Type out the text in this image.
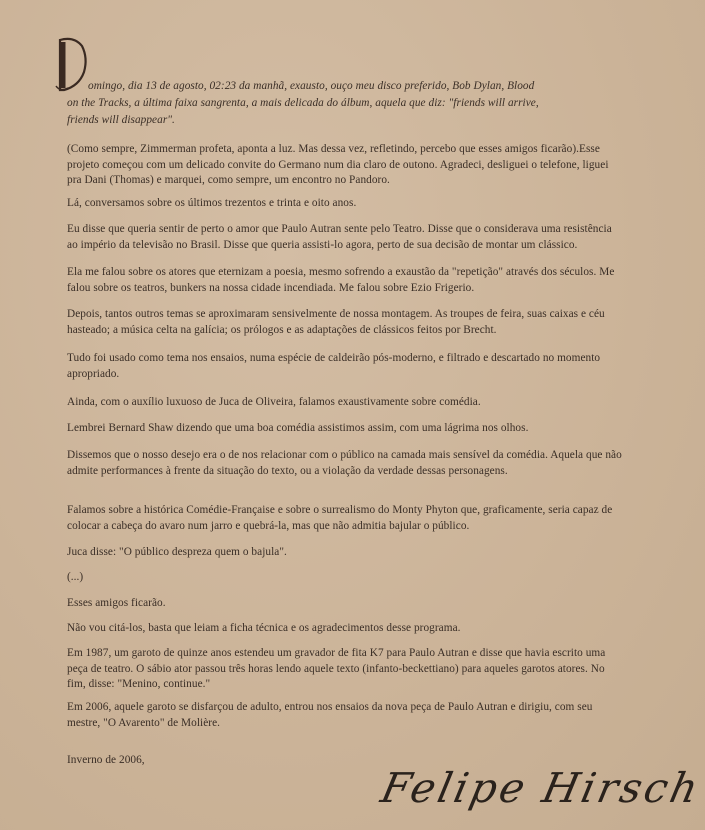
omingo, dia 13 de agosto, 02:23 da manhã, exausto, ouço meu disco preferido, Bob Dylan, Blood

on the Tracks, a última faixa sangrenta, a mais delicada do álbum, aquela que diz: "friends will arrive,

friends will disappear".

(Como sempre, Zimmerman profeta, aponta a luz. Mas dessa vez, refletindo, percebo que esses amigos ficarão).Esse projeto começou com um delicado convite do Germano num dia claro de outono. Agradeci, desliguei o telefone, liguei pra Dani (Thomas) e marquei, como sempre, um encontro no Pandoro.

Lá, conversamos sobre os últimos trezentos e trinta e oito anos.

Eu disse que queria sentir de perto o amor que Paulo Autran sente pelo Teatro. Disse que o considerava uma resistência ao império da televisão no Brasil. Disse que queria assisti-lo agora, perto de sua decisão de montar um clássico.

Ela me falou sobre os atores que eternizam a poesia, mesmo sofrendo a exaustão da "repetição" através dos séculos. Me falou sobre os teatros, bunkers na nossa cidade incendiada. Me falou sobre Ezio Frigerio.

Depois, tantos outros temas se aproximaram sensivelmente de nossa montagem. As troupes de feira, suas caixas e céu hasteado; a música celta na galícia; os prólogos e as adaptações de clássicos feitos por Brecht.

Tudo foi usado como tema nos ensaios, numa espécie de caldeirão pós-moderno, e filtrado e descartado no momento apropriado.

Ainda, com o auxílio luxuoso de Juca de Oliveira, falamos exaustivamente sobre comédia.

Lembrei Bernard Shaw dizendo que uma boa comédia assistimos assim, com uma lágrima nos olhos.

Dissemos que o nosso desejo era o de nos relacionar com o público na camada mais sensível da comédia. Aquela que não admite performances à frente da situação do texto, ou a violação da verdade dessas personagens.

Falamos sobre a histórica Comédie-Française e sobre o surrealismo do Monty Phyton que, graficamente, seria capaz de colocar a cabeça do avaro num jarro e quebrá-la, mas que não admitia bajular o público.

Juca disse: "O público despreza quem o bajula".

(...)

Esses amigos ficarão.

Não vou citá-los, basta que leiam a ficha técnica e os agradecimentos desse programa.

Em 1987, um garoto de quinze anos estendeu um gravador de fita K7 para Paulo Autran e disse que havia escrito uma peça de teatro. O sábio ator passou três horas lendo aquele texto (infanto-beckettiano) para aqueles garotos atores. No fim, disse: "Menino, continue."

Em 2006, aquele garoto se disfarçou de adulto, entrou nos ensaios da nova peça de Paulo Autran e dirigiu, com seu mestre, "O Avarento" de Molière.

Inverno de 2006,

Felipe Hirsch
